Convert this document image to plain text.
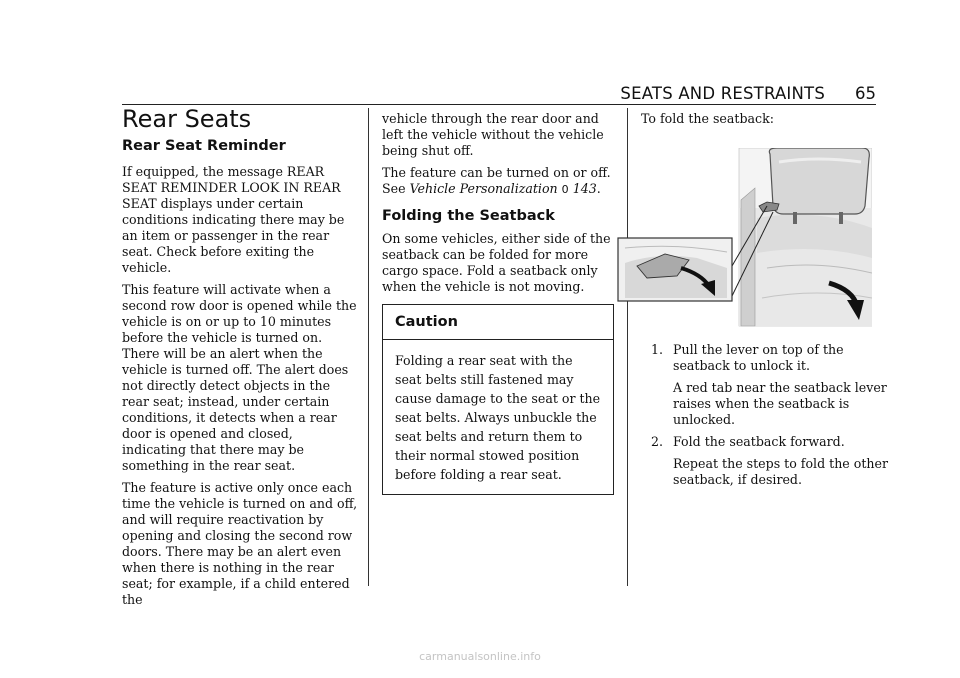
SEATS AND RESTRAINTS	65
Rear Seats
Rear Seat Reminder

If equipped, the message REAR SEAT REMINDER LOOK IN REAR SEAT displays under certain conditions indicating there may be an item or passenger in the rear seat. Check before exiting the vehicle.

This feature will activate when a second row door is opened while the vehicle is on or up to 10 minutes before the vehicle is turned on. There will be an alert when the vehicle is turned off. The alert does not directly detect objects in the rear seat; instead, under certain conditions, it detects when a rear door is opened and closed, indicating that there may be something in the rear seat.

The feature is active only once each time the vehicle is turned on and off, and will require reactivation by opening and closing the second row doors. There may be an alert even when there is nothing in the rear seat; for example, if a child entered the

vehicle through the rear door and left the vehicle without the vehicle being shut off.

The feature can be turned on or off.
See Vehicle Personalization 0 143.

Folding the Seatback

On some vehicles, either side of the seatback can be folded for more cargo space. Fold a seatback only when the vehicle is not moving.

Caution
Folding a rear seat with the seat belts still fastened may cause damage to the seat or the seat belts. Always unbuckle the seat belts and return them to their normal stowed position before folding a rear seat.

To fold the seatback:

1. Pull the lever on top of the seatback to unlock it.
A red tab near the seatback lever raises when the seatback is unlocked.
2. Fold the seatback forward.
Repeat the steps to fold the other seatback, if desired.
carmanualsonline.info
